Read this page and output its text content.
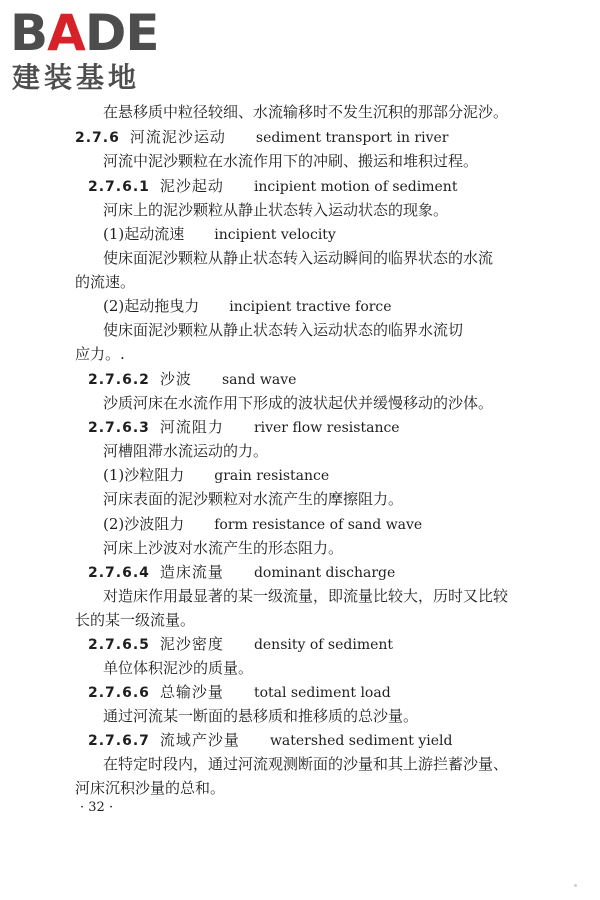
BADE
建装基地
在悬移质中粒径较细、水流输移时不发生沉积的那部分泥沙。
2.7.6 河流泥沙运动 sediment transport in river
河流中泥沙颗粒在水流作用下的冲刷、搬运和堆积过程。
2.7.6.1 泥沙起动 incipient motion of sediment
河床上的泥沙颗粒从静止状态转入运动状态的现象。
(1)起动流速 incipient velocity
使床面泥沙颗粒从静止状态转入运动瞬间的临界状态的水流
的流速。
(2)起动拖曳力 incipient tractive force
使床面泥沙颗粒从静止状态转入运动状态的临界水流切
应力。.
2.7.6.2 沙波 sand wave
沙质河床在水流作用下形成的波状起伏并缓慢移动的沙体。
2.7.6.3 河流阻力 river flow resistance
河槽阻滞水流运动的力。
(1)沙粒阻力 grain resistance
河床表面的泥沙颗粒对水流产生的摩擦阻力。
(2)沙波阻力 form resistance of sand wave
河床上沙波对水流产生的形态阻力。
2.7.6.4 造床流量 dominant discharge
对造床作用最显著的某一级流量，即流量比较大，历时又比较
长的某一级流量。
2.7.6.5 泥沙密度 density of sediment
单位体积泥沙的质量。
2.7.6.6 总输沙量 total sediment load
通过河流某一断面的悬移质和推移质的总沙量。
2.7.6.7 流域产沙量 watershed sediment yield
在特定时段内，通过河流观测断面的沙量和其上游拦蓄沙量、
河床沉积沙量的总和。
· 32 ·
